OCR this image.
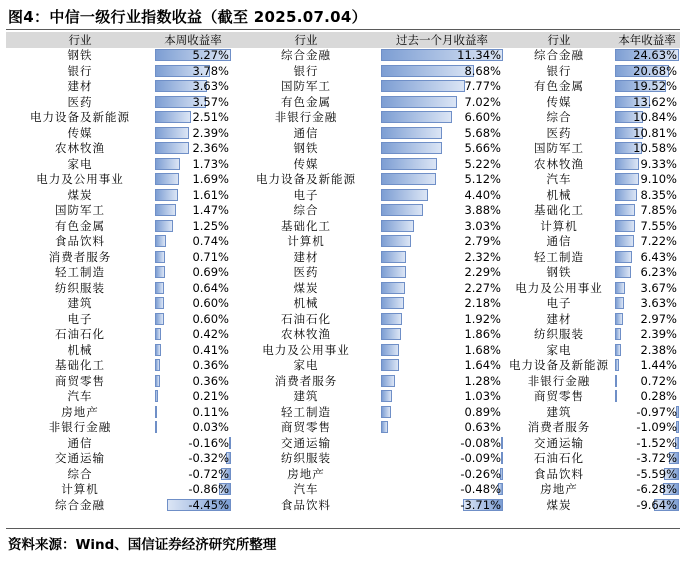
图4：中信一级行业指数收益（截至 2025.07.04）
行业	本周收益率	行业	过去一个月收益率	行业	本年收益率
钢铁	5.27%	综合金融	11.34%	综合金融	24.63%
银行	3.78%	银行	8.68%	银行	20.68%
建材	3.63%	国防军工	7.77%	有色金属	19.52%
医药	3.57%	有色金属	7.02%	传媒	13.62%
电力设备及新能源	2.51%	非银行金融	6.60%	综合	10.84%
传媒	2.39%	通信	5.68%	医药	10.81%
农林牧渔	2.36%	钢铁	5.66%	国防军工	10.58%
家电	1.73%	传媒	5.22%	农林牧渔	9.33%
电力及公用事业	1.69%	电力设备及新能源	5.12%	汽车	9.10%
煤炭	1.61%	电子	4.40%	机械	8.35%
国防军工	1.47%	综合	3.88%	基础化工	7.85%
有色金属	1.25%	基础化工	3.03%	计算机	7.55%
食品饮料	0.74%	计算机	2.79%	通信	7.22%
消费者服务	0.71%	建材	2.32%	轻工制造	6.43%
轻工制造	0.69%	医药	2.29%	钢铁	6.23%
纺织服装	0.64%	煤炭	2.27%	电力及公用事业	3.67%
建筑	0.60%	机械	2.18%	电子	3.63%
电子	0.60%	石油石化	1.92%	建材	2.97%
石油石化	0.42%	农林牧渔	1.86%	纺织服装	2.39%
机械	0.41%	电力及公用事业	1.68%	家电	2.38%
基础化工	0.36%	家电	1.64% 电力设备及新能源	1.44%
商贸零售	0.36%	消费者服务	1.28%	非银行金融	0.72%
汽车	0.21%	建筑	1.03%	商贸零售	0.28%
房地产	0.11%	轻工制造	0.89%	建筑	-0.97%
非银行金融	0.03%	商贸零售	0.63%	消费者服务	-1.09%
通信	-0.16%	交通运输	-0.08%	交通运输	-1.52%
交通运输	-0.32%	纺织服装	-0.09%	石油石化	-3.72%
综合	-0.72%	房地产	-0.26%	食品饮料	-5.59%
计算机	-0.86%	汽车	-0.48%	房地产	-6.28%
综合金融	-4.45%	食品饮料	-3.71%	煤炭	-9.64%
资料来源：Wind、国信证券经济研究所整理
